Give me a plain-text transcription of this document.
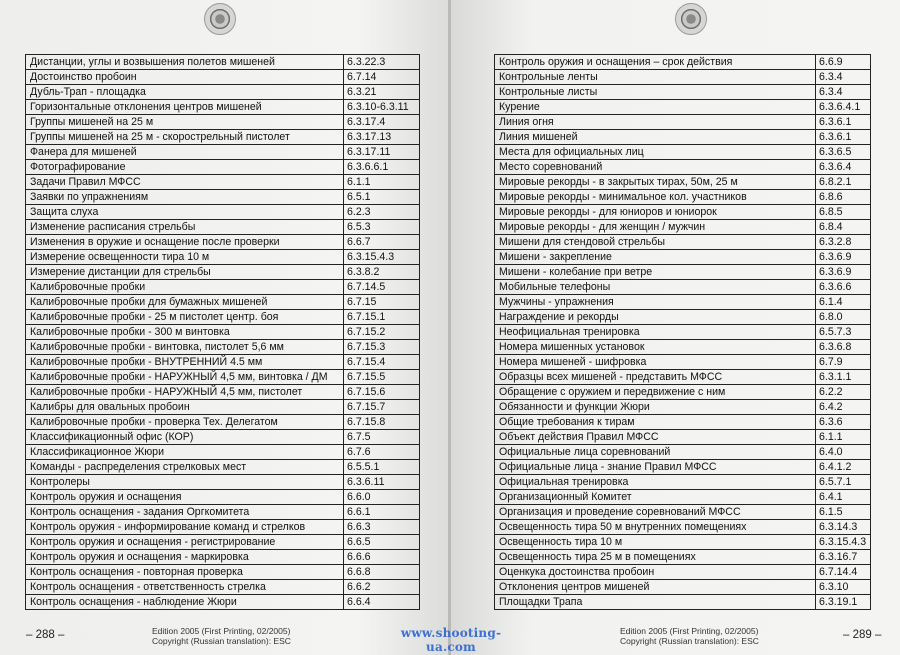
Дистанции, углы и возвышения полетов мишеней	6.3.22.3
Достоинство пробоин	6.7.14
Дубль-Трап - площадка	6.3.21
Горизонтальные отклонения центров мишеней	6.3.10-6.3.11
Группы мишеней на 25 м	6.3.17.4
Группы мишеней на 25 м - скорострельный пистолет	6.3.17.13
Фанера для мишеней	6.3.17.11
Фотографирование	6.3.6.6.1
Задачи Правил МФСС	6.1.1
Заявки по упражнениям	6.5.1
Защита слуха	6.2.3
Изменение расписания стрельбы	6.5.3
Изменения в оружие и оснащение после проверки	6.6.7
Измерение освещенности тира 10 м	6.3.15.4.3
Измерение дистанции для стрельбы	6.3.8.2
Калибровочные пробки	6.7.14.5
Калибровочные пробки для бумажных мишеней	6.7.15
Калибровочные пробки - 25 м пистолет центр. боя	6.7.15.1
Калибровочные пробки - 300 м винтовка	6.7.15.2
Калибровочные пробки - винтовка, пистолет 5,6 мм	6.7.15.3
Калибровочные пробки - ВНУТРЕННИЙ 4.5 мм	6.7.15.4
Калибровочные пробки - НАРУЖНЫЙ 4,5 мм, винтовка / ДМ	6.7.15.5
Калибровочные пробки - НАРУЖНЫЙ 4,5 мм, пистолет	6.7.15.6
Калибры для овальных пробоин	6.7.15.7
Калибровочные пробки - проверка Тех. Делегатом	6.7.15.8
Классификационный офис (КОР)	6.7.5
Классификационное Жюри	6.7.6
Команды - распределения стрелковых мест	6.5.5.1
Контролеры	6.3.6.11
Контроль оружия и оснащения	6.6.0
Контроль оснащения - задания Оргкомитета	6.6.1
Контроль оружия - информирование команд и стрелков	6.6.3
Контроль оружия и оснащения - регистрирование	6.6.5
Контроль оружия и оснащения - маркировка	6.6.6
Контроль оснащения - повторная проверка	6.6.8
Контроль оснащения - ответственность стрелка	6.6.2
Контроль оснащения - наблюдение Жюри	6.6.4
– 288 –	Edition 2005 (First Printing, 02/2005)
Copyright (Russian translation): ESC
Контроль оружия и оснащения – срок действия	6.6.9
Контрольные ленты	6.3.4
Контрольные листы	6.3.4
Курение	6.3.6.4.1
Линия огня	6.3.6.1
Линия мишеней	6.3.6.1
Места для официальных лиц	6.3.6.5
Место соревнований	6.3.6.4
Мировые рекорды - в закрытых тирах, 50м, 25 м	6.8.2.1
Мировые рекорды - минимальное кол. участников	6.8.6
Мировые рекорды - для юниоров и юниорок	6.8.5
Мировые рекорды - для женщин / мужчин	6.8.4
Мишени для стендовой стрельбы	6.3.2.8
Мишени - закрепление	6.3.6.9
Мишени - колебание при ветре	6.3.6.9
Мобильные телефоны	6.3.6.6
Мужчины - упражнения	6.1.4
Награждение и рекорды	6.8.0
Неофициальная тренировка	6.5.7.3
Номера мишенных установок	6.3.6.8
Номера мишеней - шифровка	6.7.9
Образцы всех мишеней - представить МФСС	6.3.1.1
Обращение с оружием и передвижение с ним	6.2.2
Обязанности и функции Жюри	6.4.2
Общие требования к тирам	6.3.6
Объект действия Правил МФСС	6.1.1
Официальные лица соревнований	6.4.0
Официальные лица - знание Правил МФСС	6.4.1.2
Официальная тренировка	6.5.7.1
Организационный Комитет	6.4.1
Организация и проведение соревнований МФСС	6.1.5
Освещенность тира 50 м внутренних помещениях	6.3.14.3
Освещенность тира 10 м	6.3.15.4.3
Освещенность тира 25 м в помещениях	6.3.16.7
Оценкука достоинства пробоин	6.7.14.4
Отклонения центров мишеней	6.3.10
Площадки Трапа	6.3.19.1
Edition 2005 (First Printing, 02/2005)
Copyright (Russian translation): ESC	– 289 –
www.shooting-ua.com
